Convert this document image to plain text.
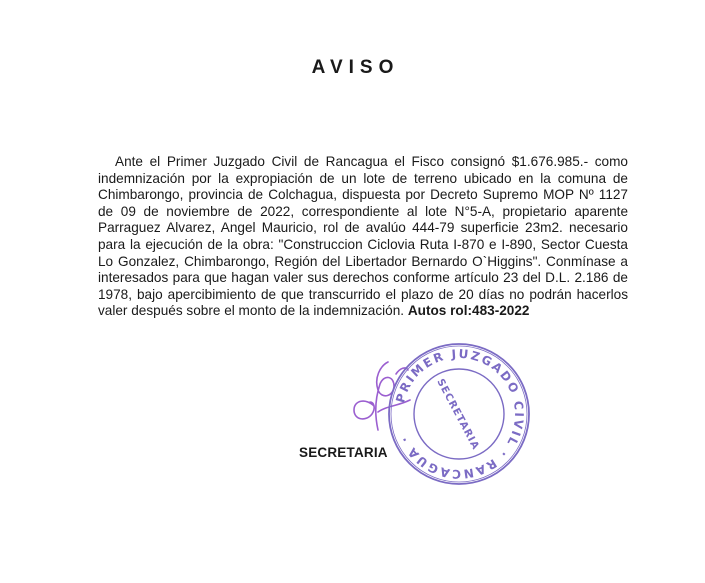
AVISO
Ante el Primer Juzgado Civil de Rancagua el Fisco consignó $1.676.985.- como indemnización por la expropiación de un lote de terreno ubicado en la comuna de Chimbarongo, provincia de Colchagua, dispuesta por Decreto Supremo MOP Nº 1127 de 09 de noviembre de 2022, correspondiente al lote N°5-A, propietario aparente Parraguez Alvarez, Angel Mauricio, rol de avalúo 444-79 superficie 23m2. necesario para la ejecución de la obra: "Construccion Ciclovia Ruta I-870 e I-890, Sector Cuesta Lo Gonzalez, Chimbarongo, Región del Libertador Bernardo O`Higgins". Conmínase a interesados para que hagan valer sus derechos conforme artículo 23 del D.L. 2.186 de 1978, bajo apercibimiento de que transcurrido el plazo de 20 días no podrán hacerlos valer después sobre el monto de la indemnización. Autos rol:483-2022
PRIMER JUZGADO CIVIL · RANCAGUA ·	SECRETARIA
SECRETARIA
